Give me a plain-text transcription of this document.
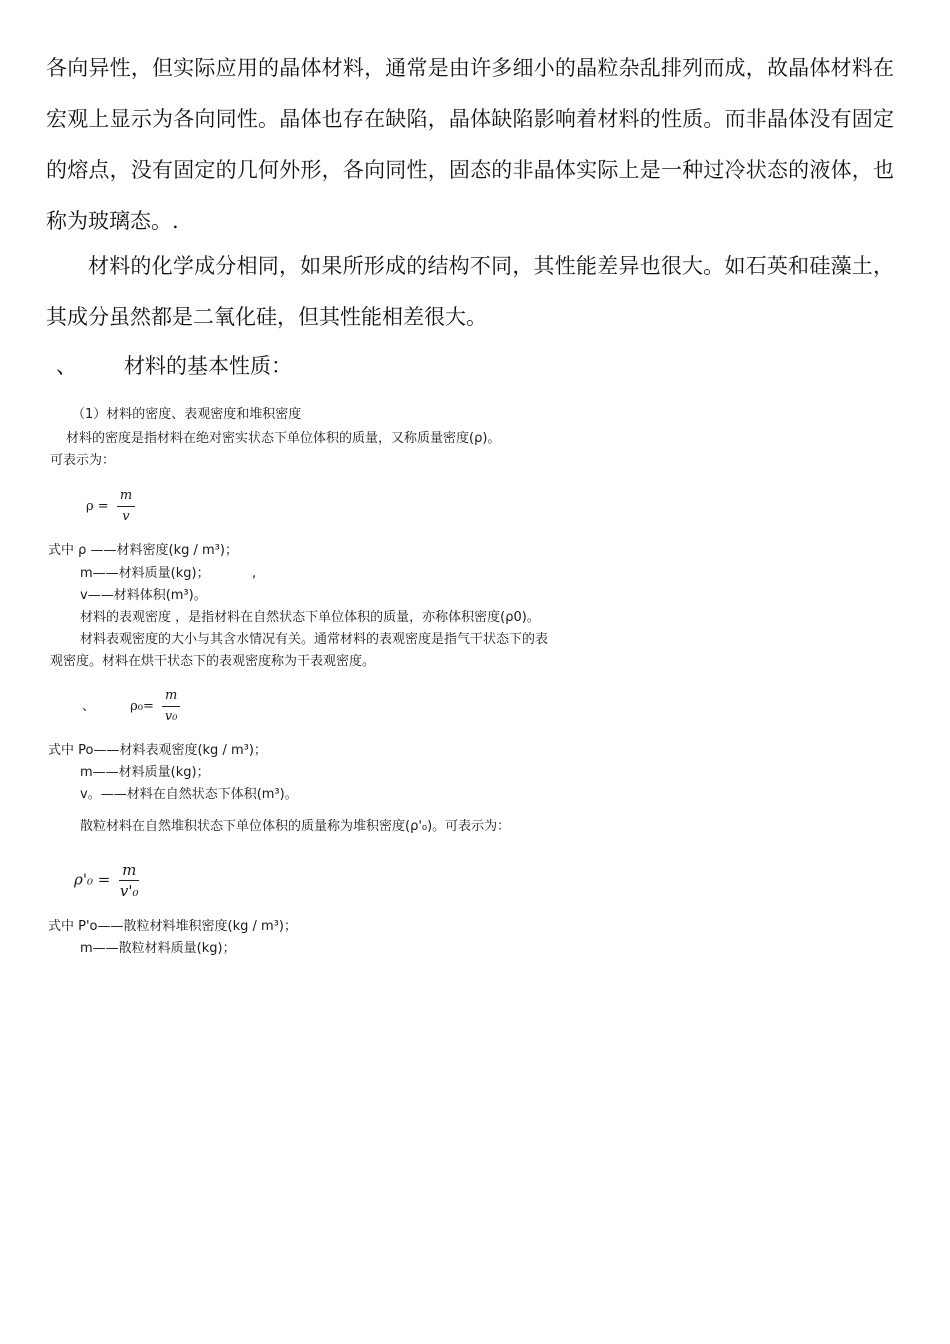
各向异性，但实际应用的晶体材料，通常是由许多细小的晶粒杂乱排列而成，故晶体材料在宏观上显示为各向同性。晶体也存在缺陷，晶体缺陷影响着材料的性质。而非晶体没有固定的熔点，没有固定的几何外形，各向同性，固态的非晶体实际上是一种过冷状态的液体，也称为玻璃态。.

材料的化学成分相同，如果所形成的结构不同，其性能差异也很大。如石英和硅藻土，其成分虽然都是二氧化硅，但其性能相差很大。

、 材料的基本性质：

（1）材料的密度、表观密度和堆积密度
材料的密度是指材料在绝对密实状态下单位体积的质量，又称质量密度(ρ)。
可表示为：
$\rho = \frac{m}{v}$
式中 ρ ——材料密度(kg / m³)；
m——材料质量(kg)；	,
v——材料体积(m³)。
材料的表观密度 ，是指材料在自然状态下单位体积的质量，亦称体积密度(ρ0)。
材料表观密度的大小与其含水情况有关。通常材料的表观密度是指气干状态下的表
观密度。材料在烘干状态下的表观密度称为干表观密度。
、	$\rho_0= \frac{m}{\text{v₀}}$
式中 Po——材料表观密度(kg / m³)；
m——材料质量(kg)；
v。——材料在自然状态下体积(m³)。
散粒材料在自然堆积状态下单位体积的质量称为堆积密度(ρ'₀)。可表示为：
$\rho'_0 = \frac{m}{\text{v'₀}}$
式中 P'o——散粒材料堆积密度(kg / m³)；
m——散粒材料质量(kg)；
